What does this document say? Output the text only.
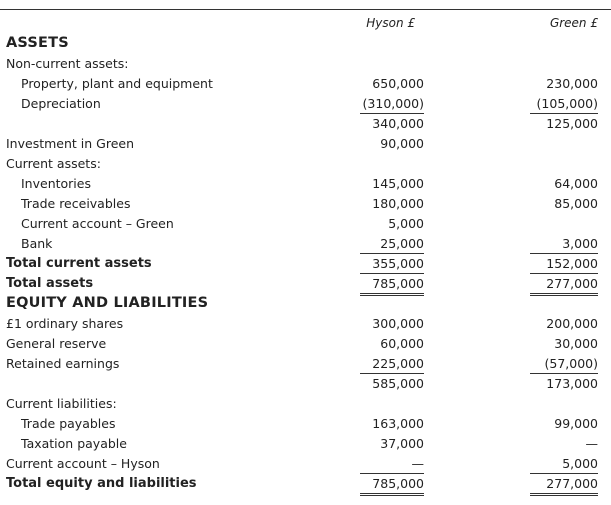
Hyson £	Green £
ASSETS
Non-current assets:
Property, plant and equipment	650,000	230,000
Depreciation	(310,000)	(105,000)
340,000	125,000
Investment in Green	90,000
Current assets:
Inventories	145,000	64,000
Trade receivables	180,000	85,000
Current account – Green	5,000
Bank	25,000	3,000
Total current assets	355,000	152,000
Total assets	785,000	277,000
EQUITY AND LIABILITIES
£1 ordinary shares	300,000	200,000
General reserve	60,000	30,000
Retained earnings	225,000	(57,000)
585,000	173,000
Current liabilities:
Trade payables	163,000	99,000
Taxation payable	37,000	—
Current account – Hyson	—	5,000
Total equity and liabilities	785,000	277,000
